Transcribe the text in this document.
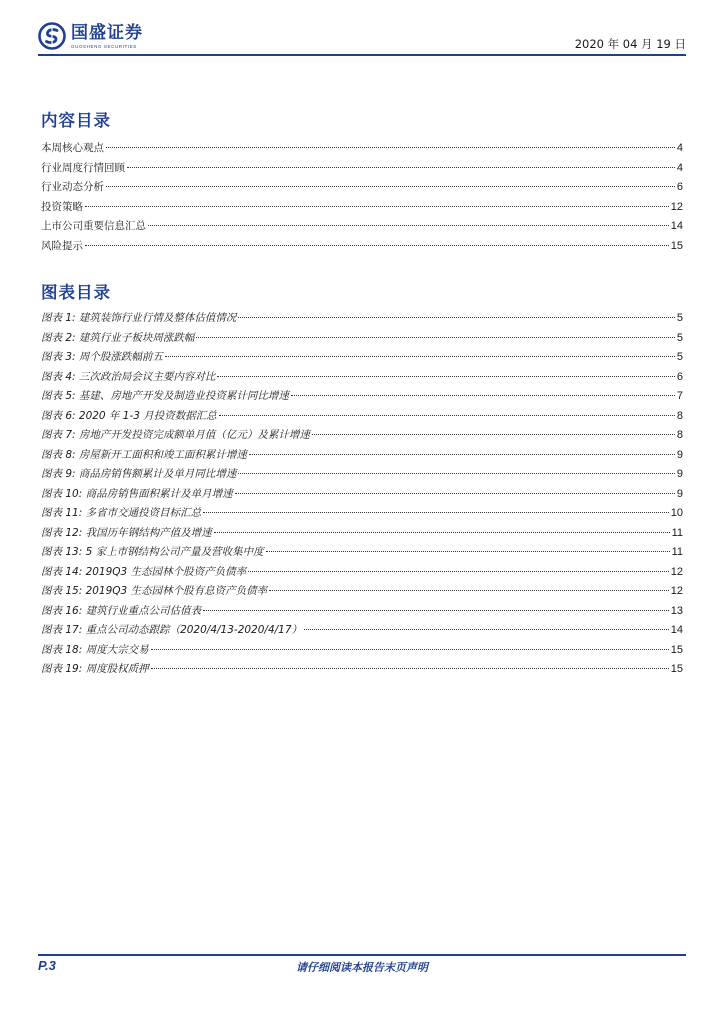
国盛证券
GUOSHENG SECURITIES	2020 年 04 月 19 日
内容目录
本周核心观点	4
行业周度行情回顾	4
行业动态分析	6
投资策略	12
上市公司重要信息汇总	14
风险提示	15
图表目录
图表 1: 建筑装饰行业行情及整体估值情况	5
图表 2: 建筑行业子板块周涨跌幅	5
图表 3: 周个股涨跌幅前五	5
图表 4: 三次政治局会议主要内容对比	6
图表 5: 基建、房地产开发及制造业投资累计同比增速	7
图表 6: 2020 年 1-3 月投资数据汇总	8
图表 7: 房地产开发投资完成额单月值（亿元）及累计增速	8
图表 8: 房屋新开工面积和竣工面积累计增速	9
图表 9: 商品房销售额累计及单月同比增速	9
图表 10: 商品房销售面积累计及单月增速	9
图表 11: 多省市交通投资目标汇总	10
图表 12: 我国历年钢结构产值及增速	11
图表 13: 5 家上市钢结构公司产量及营收集中度	11
图表 14: 2019Q3 生态园林个股资产负债率	12
图表 15: 2019Q3 生态园林个股有息资产负债率	12
图表 16: 建筑行业重点公司估值表	13
图表 17: 重点公司动态跟踪（2020/4/13-2020/4/17）	14
图表 18: 周度大宗交易	15
图表 19: 周度股权质押	15
P.3	请仔细阅读本报告末页声明
